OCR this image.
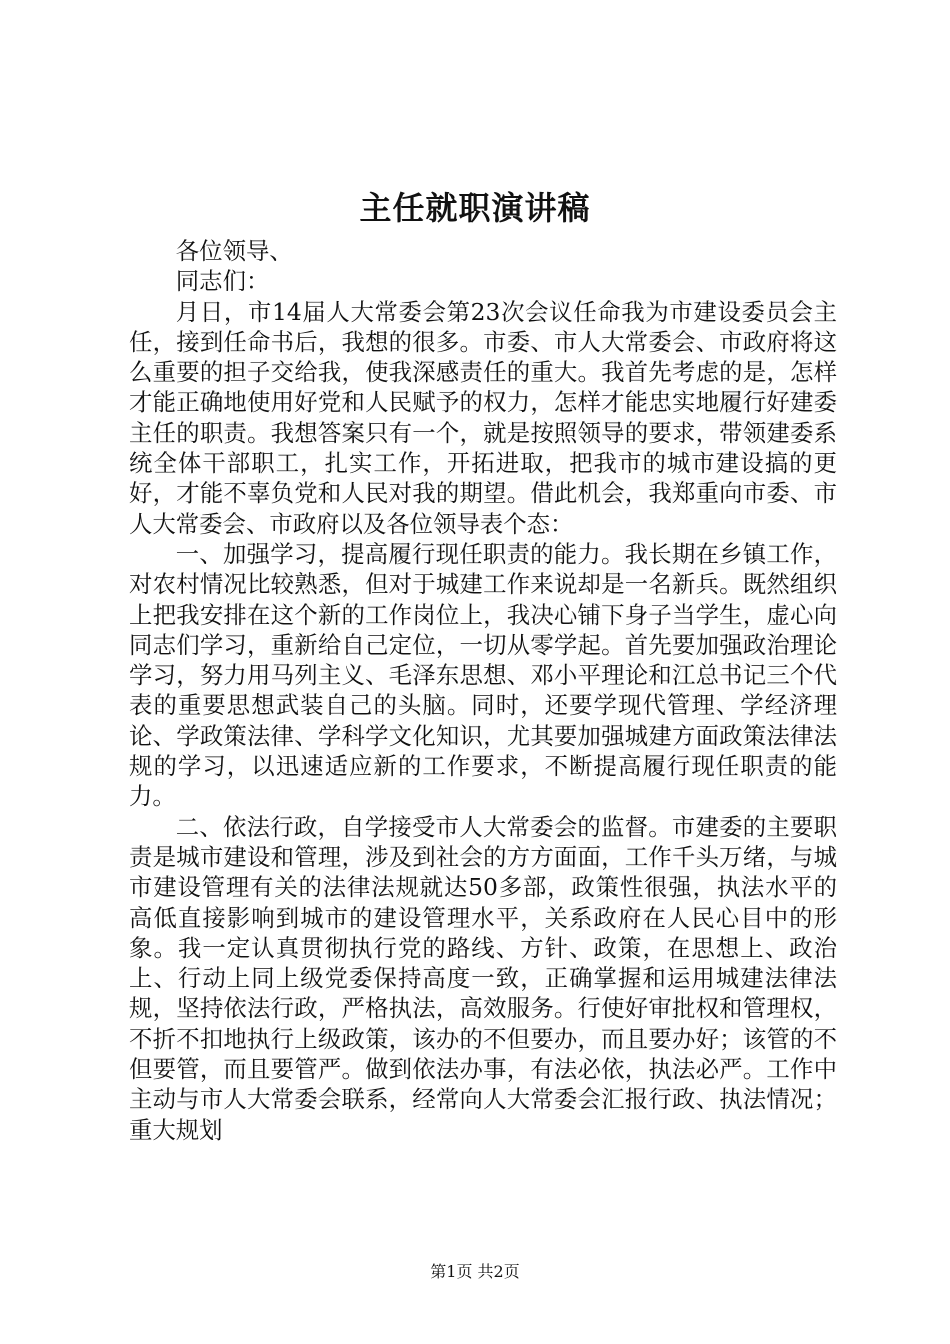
主任就职演讲稿

各位领导、

同志们：

月日，市14届人大常委会第23次会议任命我为市建设委员会主任，接到任命书后，我想的很多。市委、市人大常委会、市政府将这么重要的担子交给我，使我深感责任的重大。我首先考虑的是，怎样才能正确地使用好党和人民赋予的权力，怎样才能忠实地履行好建委主任的职责。我想答案只有一个，就是按照领导的要求，带领建委系统全体干部职工，扎实工作，开拓进取，把我市的城市建设搞的更好，才能不辜负党和人民对我的期望。借此机会，我郑重向市委、市人大常委会、市政府以及各位领导表个态：

一、加强学习，提高履行现任职责的能力。我长期在乡镇工作，对农村情况比较熟悉，但对于城建工作来说却是一名新兵。既然组织上把我安排在这个新的工作岗位上，我决心铺下身子当学生，虚心向同志们学习，重新给自己定位，一切从零学起。首先要加强政治理论学习，努力用马列主义、毛泽东思想、邓小平理论和江总书记三个代表的重要思想武装自己的头脑。同时，还要学现代管理、学经济理论、学政策法律、学科学文化知识，尤其要加强城建方面政策法律法规的学习，以迅速适应新的工作要求，不断提高履行现任职责的能力。

二、依法行政，自学接受市人大常委会的监督。市建委的主要职责是城市建设和管理，涉及到社会的方方面面，工作千头万绪，与城市建设管理有关的法律法规就达50多部，政策性很强，执法水平的高低直接影响到城市的建设管理水平，关系政府在人民心目中的形象。我一定认真贯彻执行党的路线、方针、政策，在思想上、政治上、行动上同上级党委保持高度一致，正确掌握和运用城建法律法规，坚持依法行政，严格执法，高效服务。行使好审批权和管理权，不折不扣地执行上级政策，该办的不但要办，而且要办好；该管的不但要管，而且要管严。做到依法办事，有法必依，执法必严。工作中主动与市人大常委会联系，经常向人大常委会汇报行政、执法情况；重大规划

第1页 共2页
